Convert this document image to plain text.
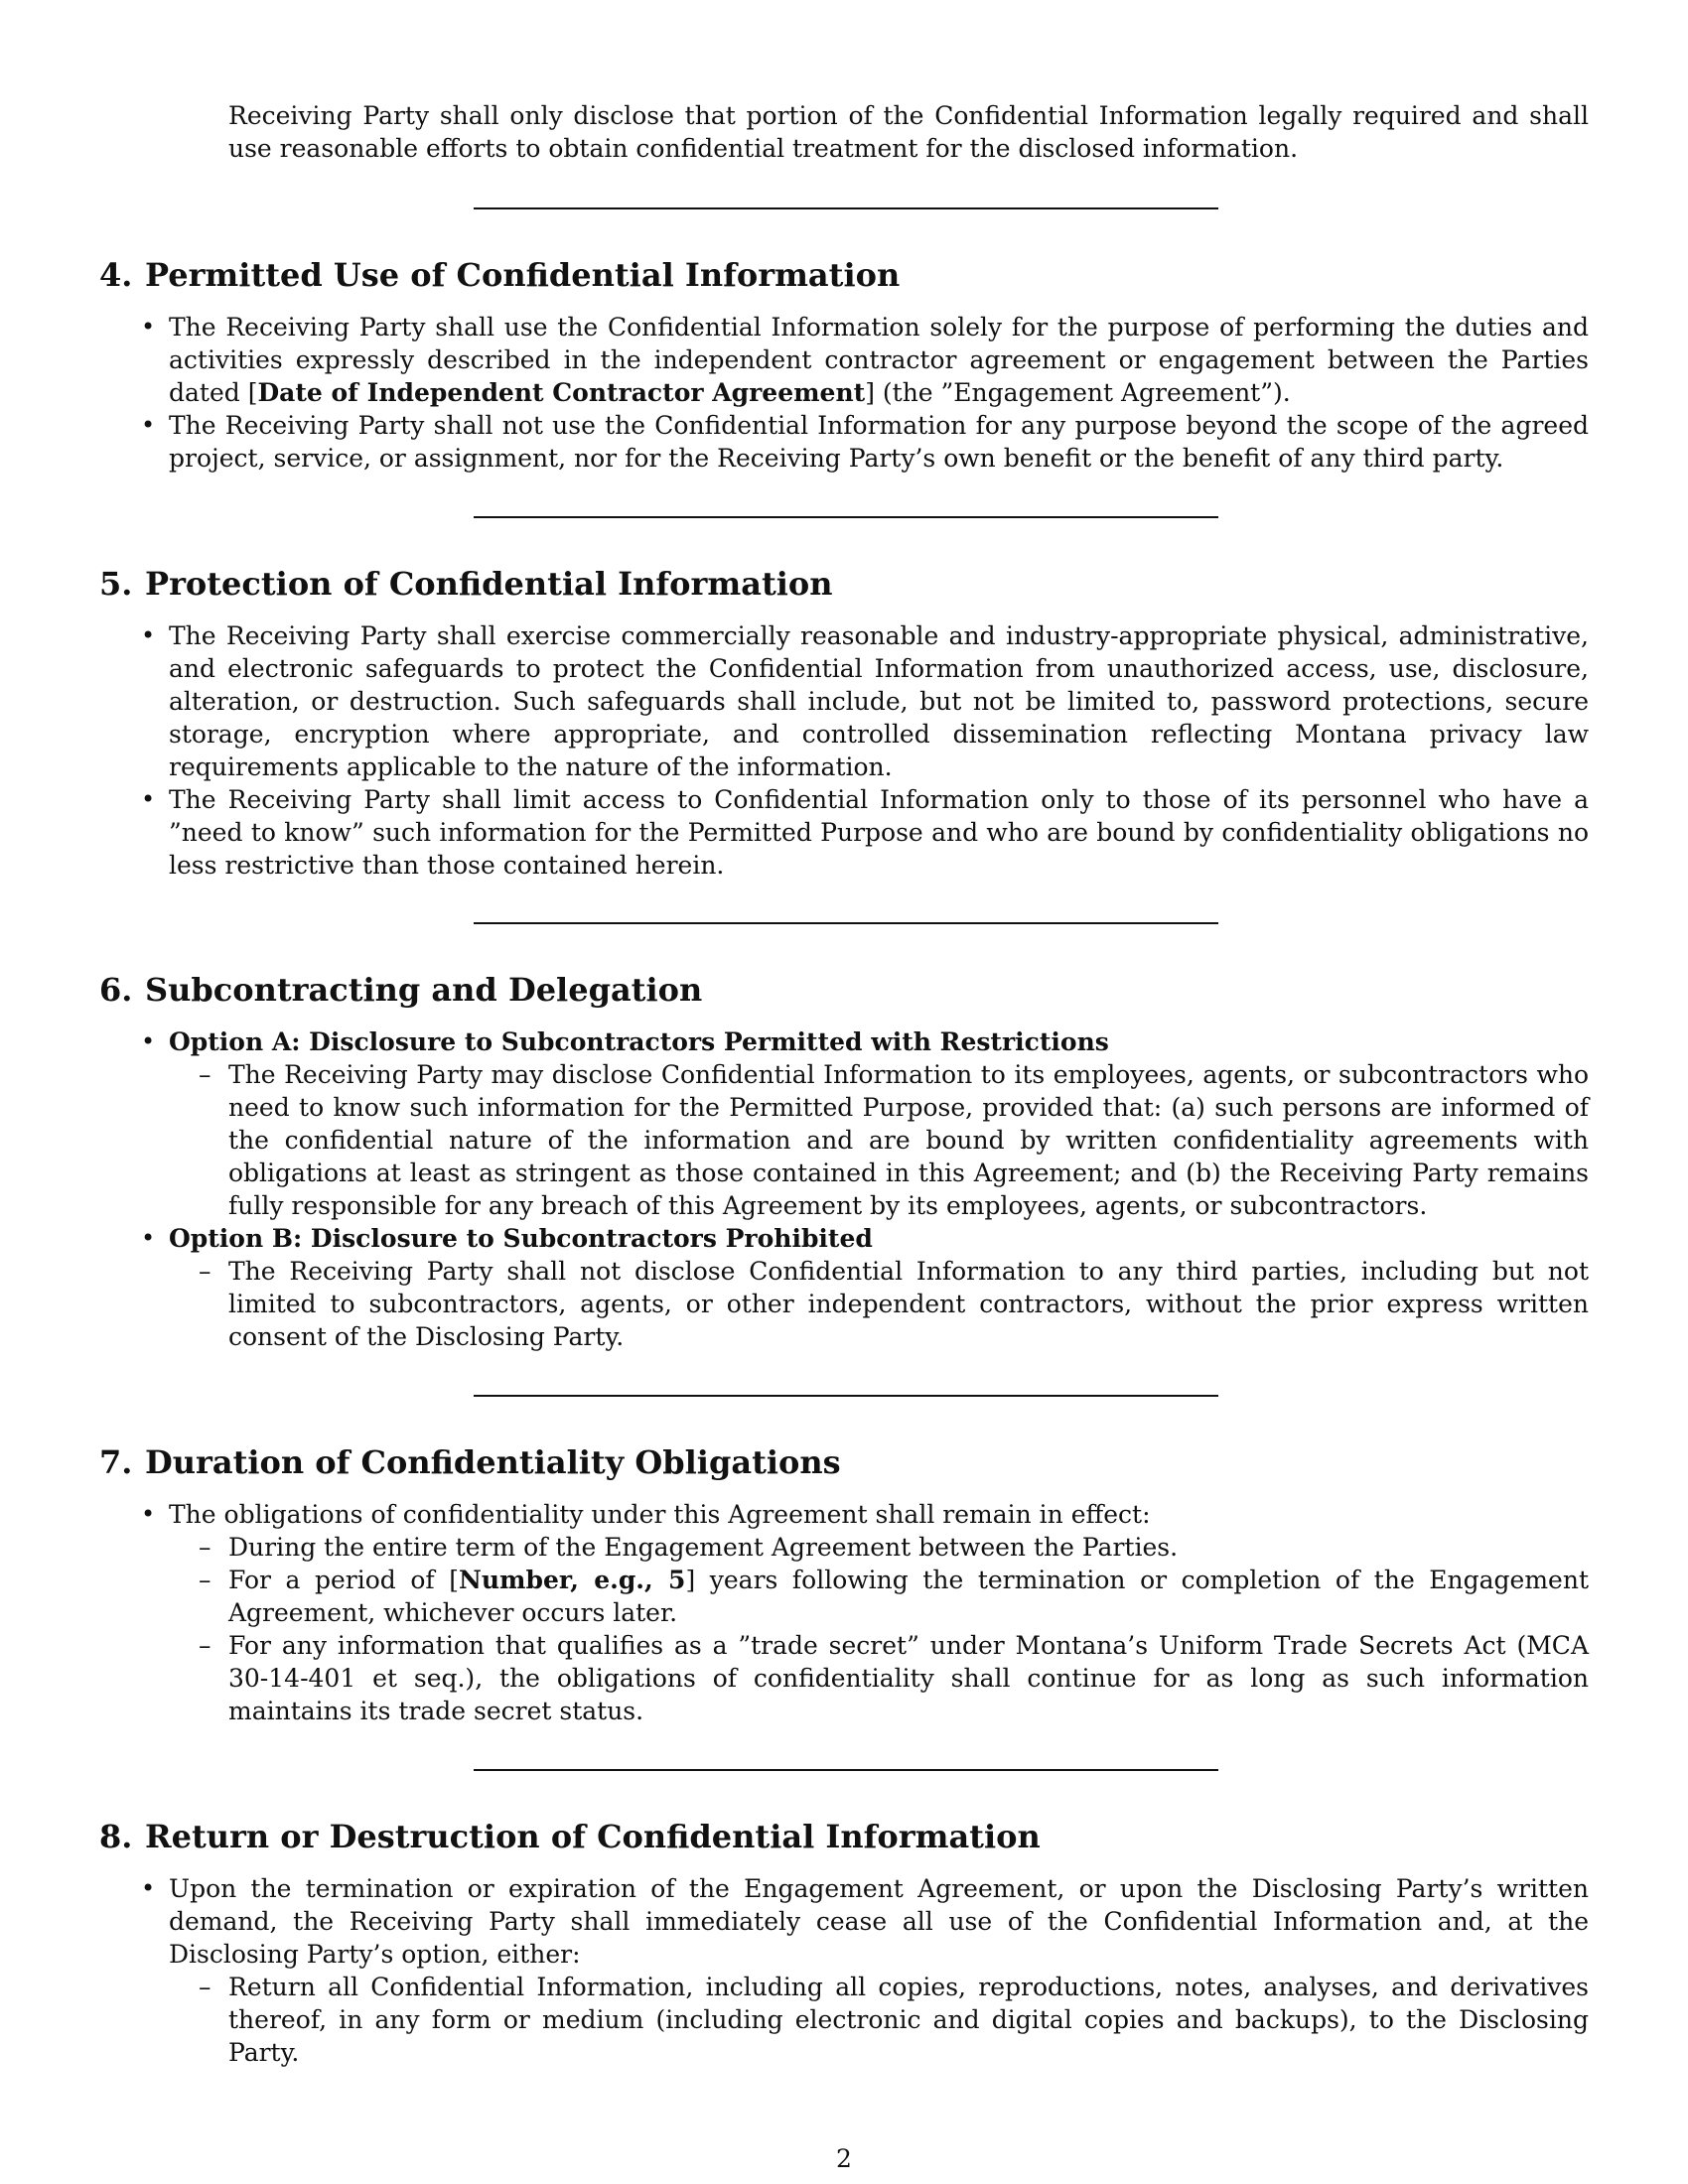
Receiving Party shall only disclose that portion of the Confidential Information legally required and shall use reasonable efforts to obtain confidential treatment for the disclosed information.

4. Permitted Use of Confidential Information
• The Receiving Party shall use the Confidential Information solely for the purpose of performing the duties and activities expressly described in the independent contractor agreement or engagement between the Parties dated [Date of Independent Contractor Agreement] (the ”Engagement Agreement”).
• The Receiving Party shall not use the Confidential Information for any purpose beyond the scope of the agreed project, service, or assignment, nor for the Receiving Party’s own benefit or the benefit of any third party.
5. Protection of Confidential Information
• The Receiving Party shall exercise commercially reasonable and industry-appropriate physical, administrative, and electronic safeguards to protect the Confidential Information from unauthorized access, use, disclosure, alteration, or destruction. Such safeguards shall include, but not be limited to, password protections, secure storage, encryption where appropriate, and controlled dissemination reflecting Montana privacy law requirements applicable to the nature of the information.
• The Receiving Party shall limit access to Confidential Information only to those of its personnel who have a ”need to know” such information for the Permitted Purpose and who are bound by confidentiality obligations no less restrictive than those contained herein.
6. Subcontracting and Delegation
• Option A: Disclosure to Subcontractors Permitted with Restrictions
– The Receiving Party may disclose Confidential Information to its employees, agents, or subcontractors who need to know such information for the Permitted Purpose, provided that: (a) such persons are informed of the confidential nature of the information and are bound by written confidentiality agreements with obligations at least as stringent as those contained in this Agreement; and (b) the Receiving Party remains fully responsible for any breach of this Agreement by its employees, agents, or subcontractors.
• Option B: Disclosure to Subcontractors Prohibited
– The Receiving Party shall not disclose Confidential Information to any third parties, including but not limited to subcontractors, agents, or other independent contractors, without the prior express written consent of the Disclosing Party.
7. Duration of Confidentiality Obligations
• The obligations of confidentiality under this Agreement shall remain in effect:
– During the entire term of the Engagement Agreement between the Parties.
– For a period of [Number, e.g., 5] years following the termination or completion of the Engagement Agreement, whichever occurs later.
– For any information that qualifies as a ”trade secret” under Montana’s Uniform Trade Secrets Act (MCA 30-14-401 et seq.), the obligations of confidentiality shall continue for as long as such information maintains its trade secret status.
8. Return or Destruction of Confidential Information
• Upon the termination or expiration of the Engagement Agreement, or upon the Disclosing Party’s written demand, the Receiving Party shall immediately cease all use of the Confidential Information and, at the Disclosing Party’s option, either:
– Return all Confidential Information, including all copies, reproductions, notes, analyses, and derivatives thereof, in any form or medium (including electronic and digital copies and backups), to the Disclosing Party.
2
